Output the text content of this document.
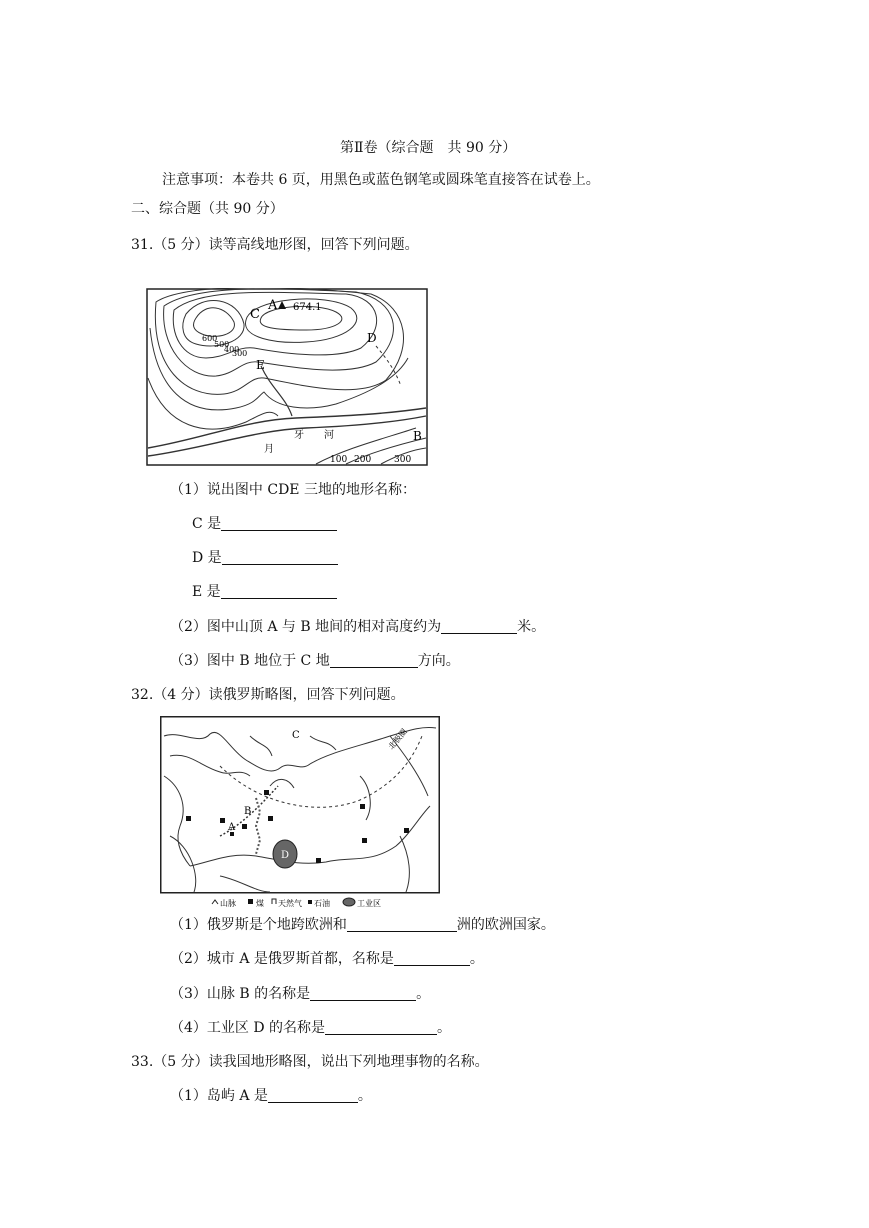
第Ⅱ卷（综合题　共 90 分）
注意事项：本卷共 6 页，用黑色或蓝色钢笔或圆珠笔直接答在试卷上。
二、综合题（共 90 分）
31.（5 分）读等高线地形图，回答下列问题。
A 674.1
C
D
E
B
600
500
400
300
月
牙 河
100 200	300
（1）说出图中 CDE 三地的地形名称：
C 是
D 是
E 是
（2）图中山顶 A 与 B 地间的相对高度约为	米。
（3）图中 B 地位于 C 地	方向。
32.（4 分）读俄罗斯略图，回答下列问题。
C
A
B
D
北极圈
山脉	煤 天然气 石油	工业区
（1）俄罗斯是个地跨欧洲和	洲的欧洲国家。
（2）城市 A 是俄罗斯首都，名称是	。
（3）山脉 B 的名称是	。
（4）工业区 D 的名称是	。
33.（5 分）读我国地形略图，说出下列地理事物的名称。
（1）岛屿 A 是	。
